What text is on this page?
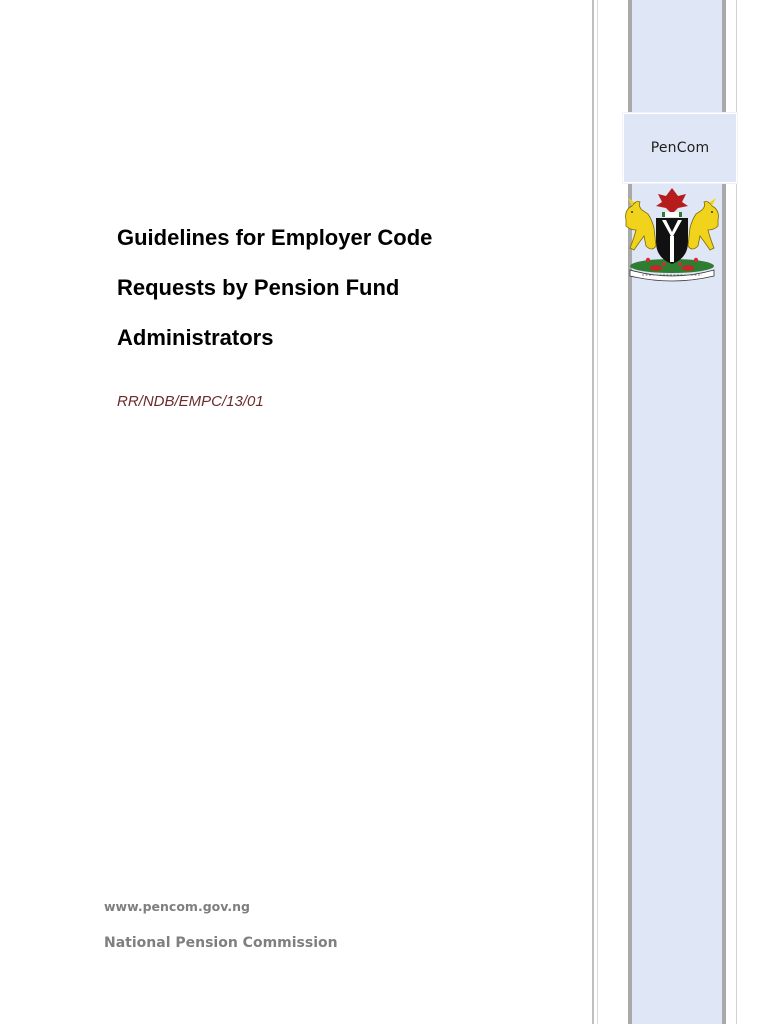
PenCom
Guidelines for Employer Code
Requests by Pension Fund
Administrators
RR/NDB/EMPC/13/01
www.pencom.gov.ng
National Pension Commission
